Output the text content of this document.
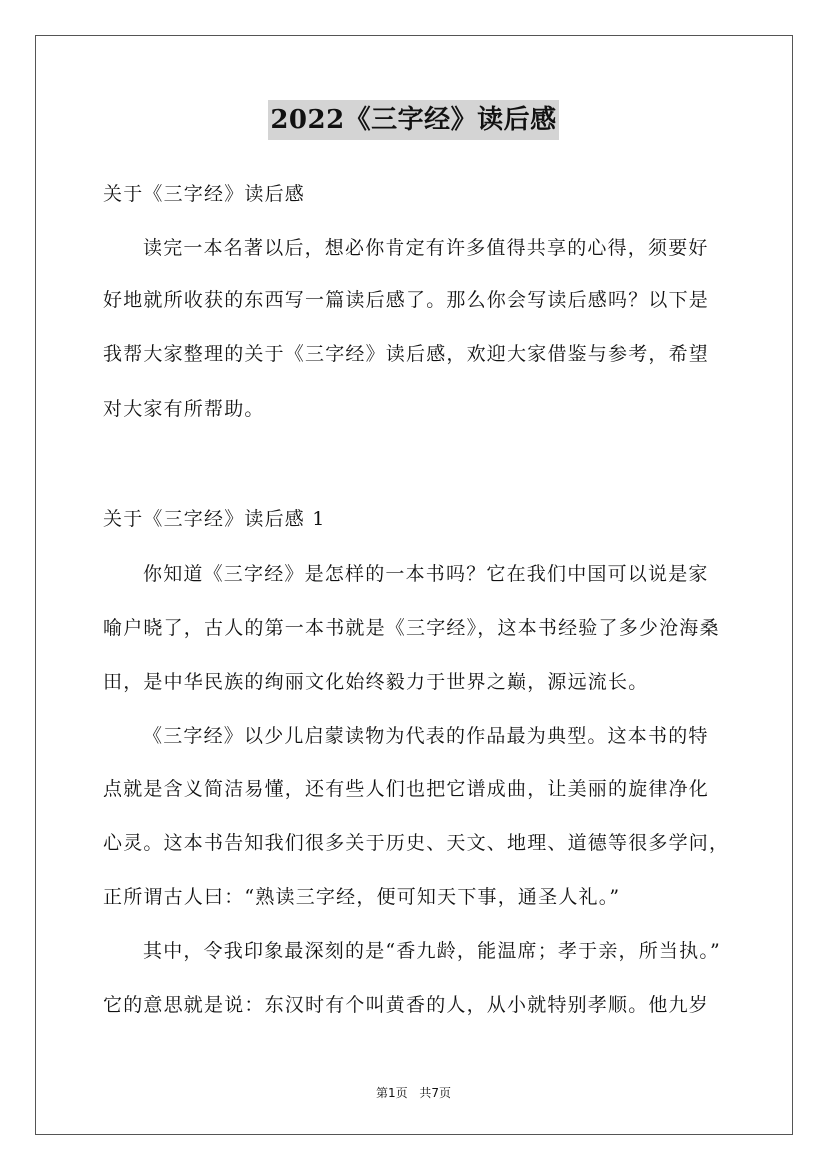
2022《三字经》读后感
关于《三字经》读后感
读完一本名著以后，想必你肯定有许多值得共享的心得，须要好
好地就所收获的东西写一篇读后感了。那么你会写读后感吗？以下是
我帮大家整理的关于《三字经》读后感，欢迎大家借鉴与参考，希望
对大家有所帮助。
关于《三字经》读后感 1
你知道《三字经》是怎样的一本书吗？它在我们中国可以说是家
喻户晓了，古人的第一本书就是《三字经》，这本书经验了多少沧海桑
田，是中华民族的绚丽文化始终毅力于世界之巅，源远流长。
《三字经》以少儿启蒙读物为代表的作品最为典型。这本书的特
点就是含义简洁易懂，还有些人们也把它谱成曲，让美丽的旋律净化
心灵。这本书告知我们很多关于历史、天文、地理、道德等很多学问，
正所谓古人曰：“熟读三字经，便可知天下事，通圣人礼。”
其中，令我印象最深刻的是“香九龄，能温席；孝于亲，所当执。”
它的意思就是说：东汉时有个叫黄香的人，从小就特别孝顺。他九岁
第1页 共7页
